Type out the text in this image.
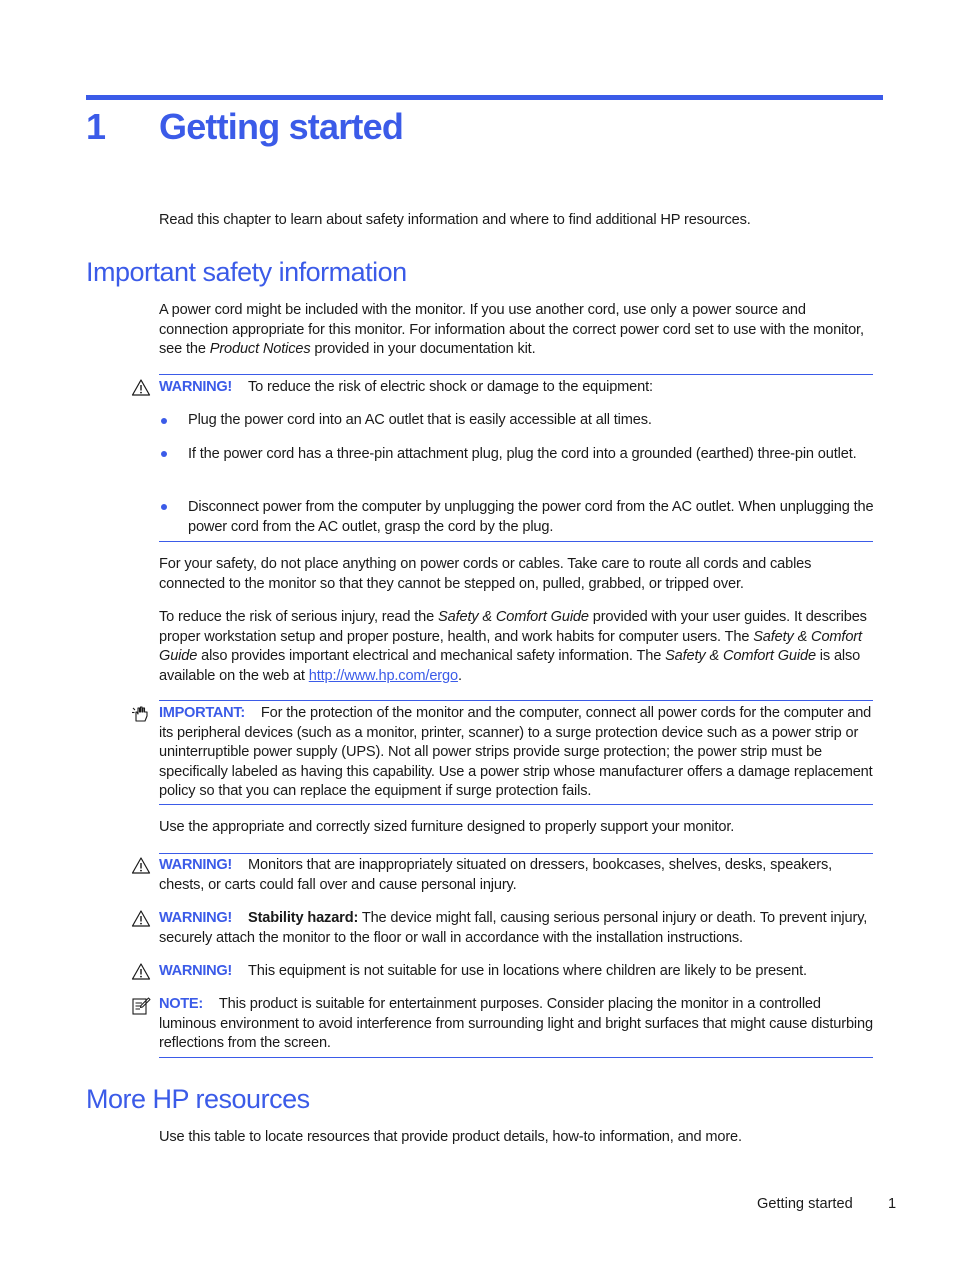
1 Getting started
Read this chapter to learn about safety information and where to find additional HP resources.
Important safety information
A power cord might be included with the monitor. If you use another cord, use only a power source and connection appropriate for this monitor. For information about the correct power cord set to use with the monitor, see the Product Notices provided in your documentation kit.
WARNING! To reduce the risk of electric shock or damage to the equipment:
Plug the power cord into an AC outlet that is easily accessible at all times.
If the power cord has a three-pin attachment plug, plug the cord into a grounded (earthed) three-pin outlet.
Disconnect power from the computer by unplugging the power cord from the AC outlet. When unplugging the power cord from the AC outlet, grasp the cord by the plug.
For your safety, do not place anything on power cords or cables. Take care to route all cords and cables connected to the monitor so that they cannot be stepped on, pulled, grabbed, or tripped over.
To reduce the risk of serious injury, read the Safety & Comfort Guide provided with your user guides. It describes proper workstation setup and proper posture, health, and work habits for computer users. The Safety & Comfort Guide also provides important electrical and mechanical safety information. The Safety & Comfort Guide is also available on the web at http://www.hp.com/ergo.
IMPORTANT: For the protection of the monitor and the computer, connect all power cords for the computer and its peripheral devices (such as a monitor, printer, scanner) to a surge protection device such as a power strip or uninterruptible power supply (UPS). Not all power strips provide surge protection; the power strip must be specifically labeled as having this capability. Use a power strip whose manufacturer offers a damage replacement policy so that you can replace the equipment if surge protection fails.
Use the appropriate and correctly sized furniture designed to properly support your monitor.
WARNING! Monitors that are inappropriately situated on dressers, bookcases, shelves, desks, speakers, chests, or carts could fall over and cause personal injury.
WARNING! Stability hazard: The device might fall, causing serious personal injury or death. To prevent injury, securely attach the monitor to the floor or wall in accordance with the installation instructions.
WARNING! This equipment is not suitable for use in locations where children are likely to be present.
NOTE: This product is suitable for entertainment purposes. Consider placing the monitor in a controlled luminous environment to avoid interference from surrounding light and bright surfaces that might cause disturbing reflections from the screen.
More HP resources
Use this table to locate resources that provide product details, how-to information, and more.
Getting started 1
